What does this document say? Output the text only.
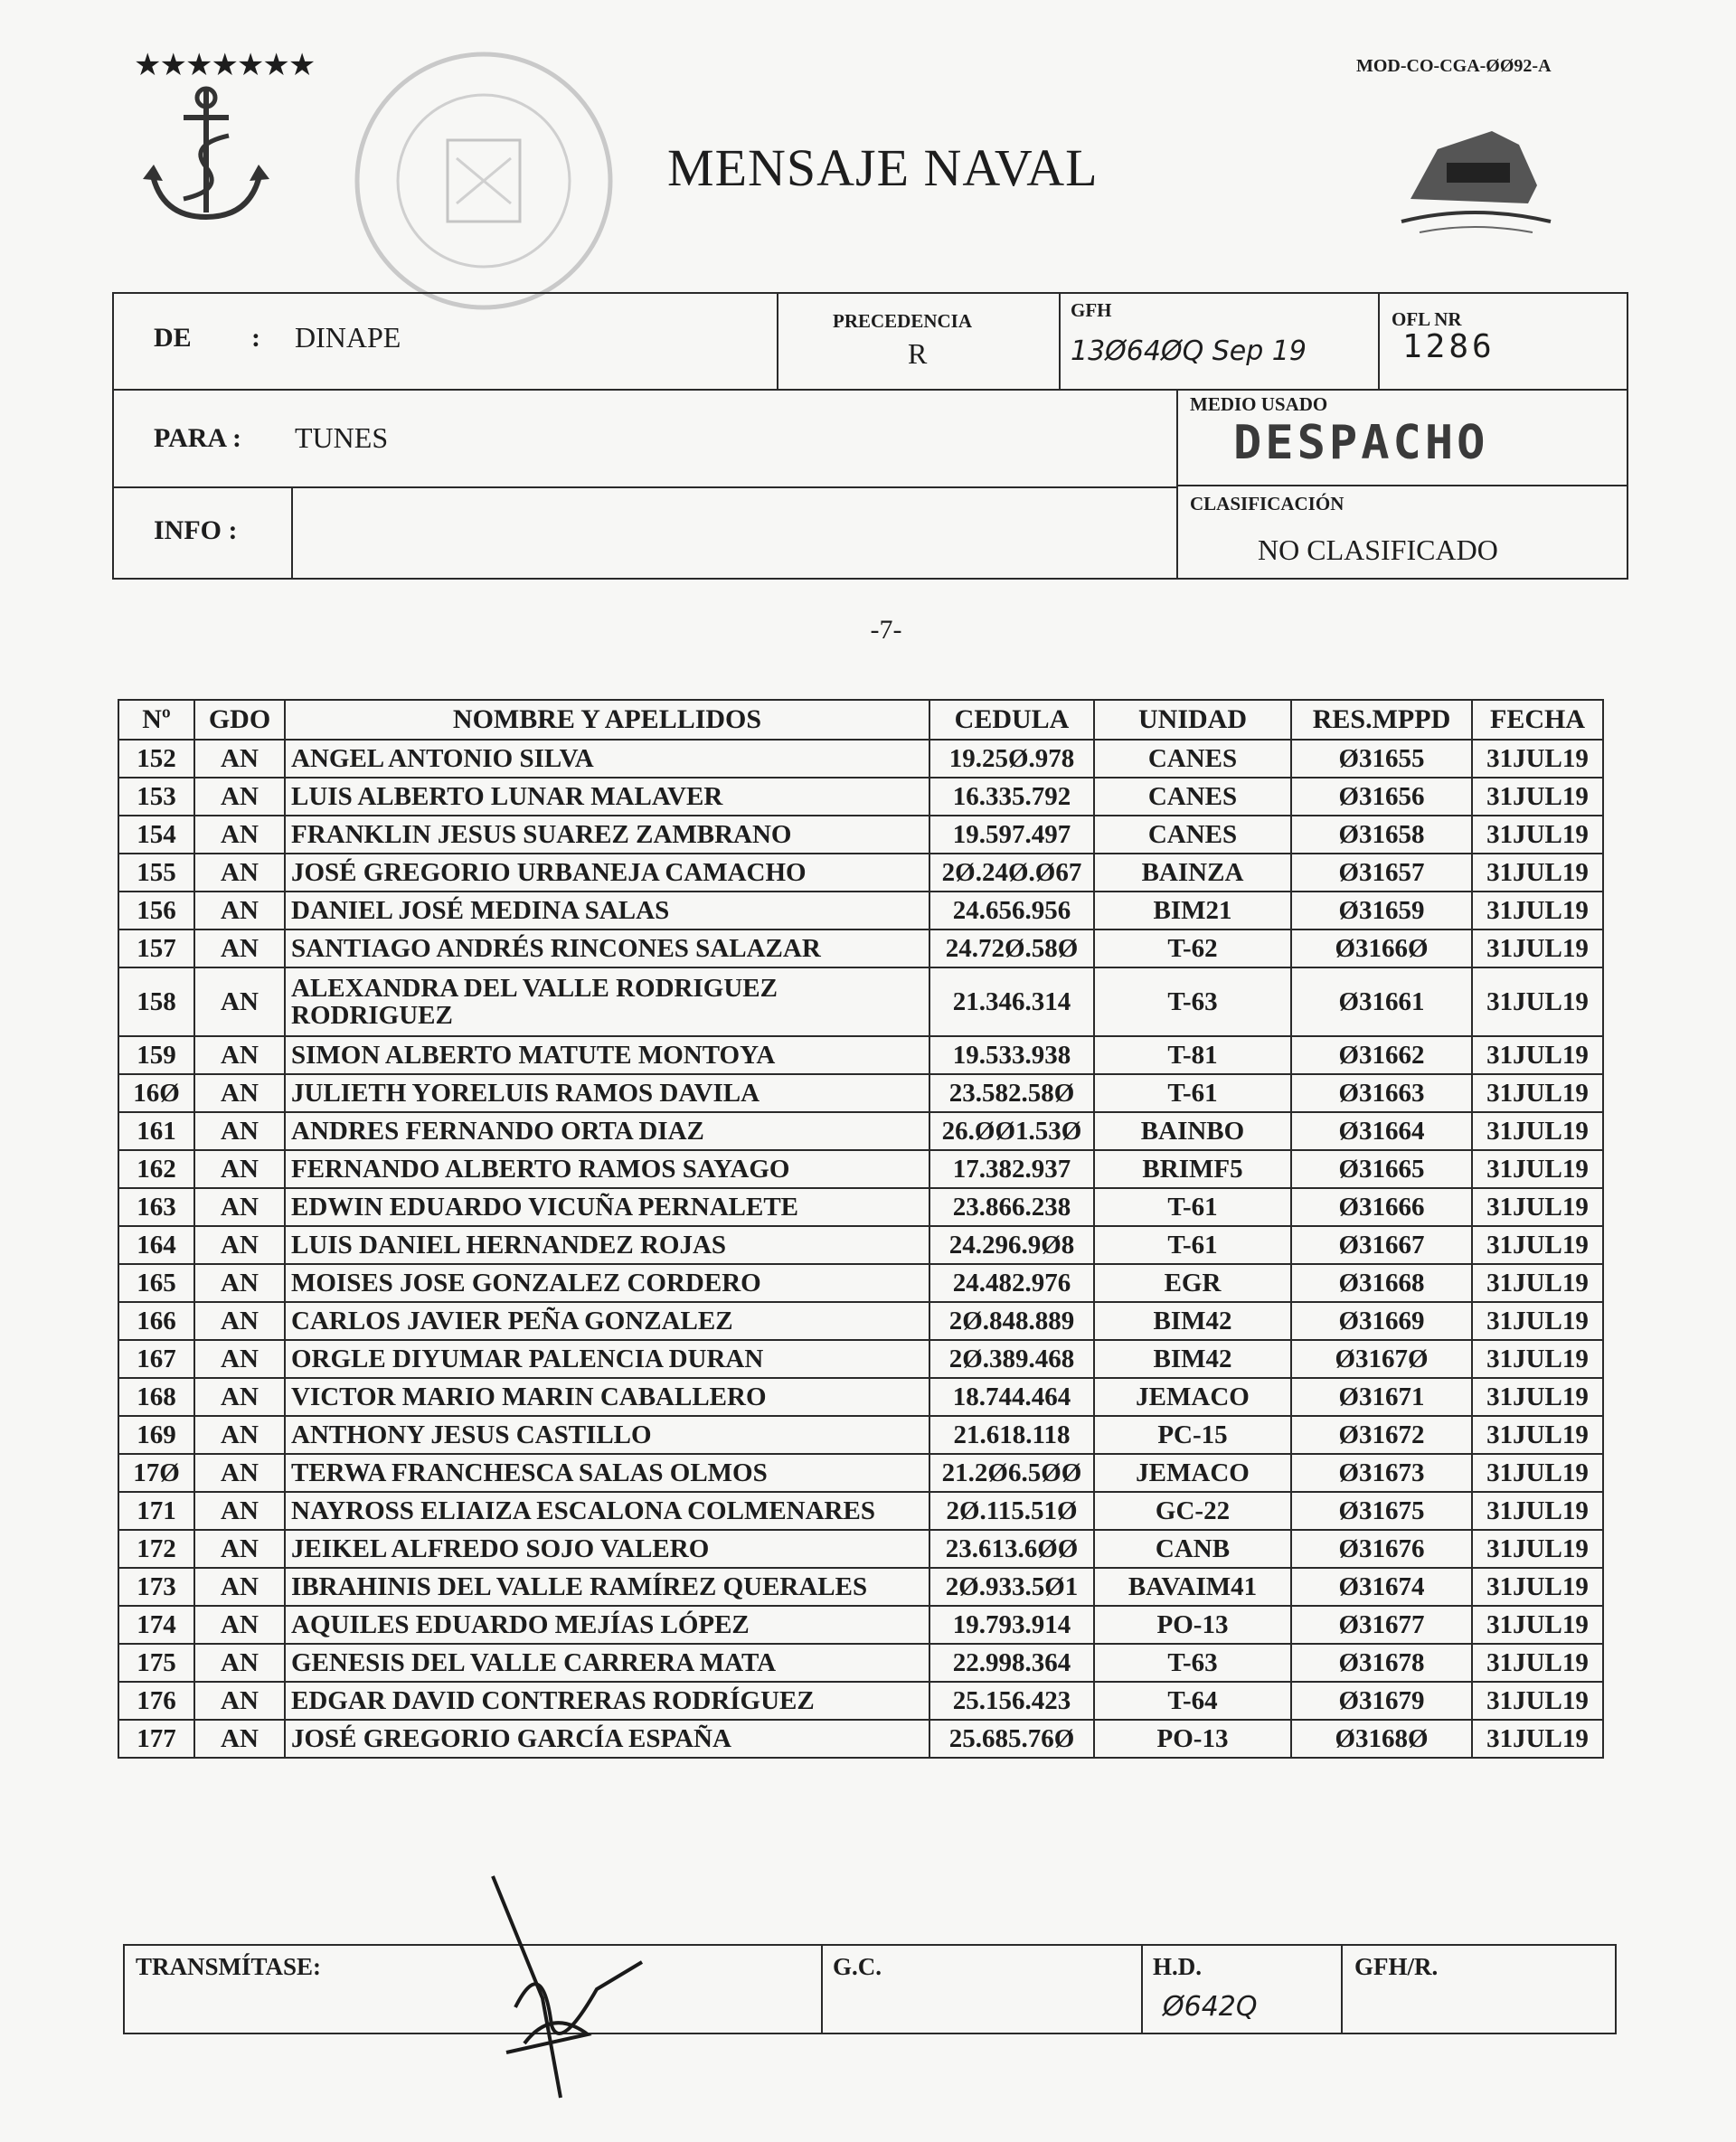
MOD-CO-CGA-ØØ92-A
★★★★★★★
MENSAJE NAVAL
DE : DINAPE	PRECEDENCIA
R
GFH
13Ø64ØQ Sep 19
OFL NR
1286
PARA : TUNES
MEDIO USADO
DESPACHO
INFO :
CLASIFICACIÓN
NO CLASIFICADO
-7-
Nº	GDO	NOMBRE Y APELLIDOS	CEDULA	UNIDAD	RES.MPPD	FECHA
152	AN	ANGEL ANTONIO SILVA	19.25Ø.978	CANES	Ø31655	31JUL19
153	AN	LUIS ALBERTO LUNAR MALAVER	16.335.792	CANES	Ø31656	31JUL19
154	AN	FRANKLIN JESUS SUAREZ ZAMBRANO	19.597.497	CANES	Ø31658	31JUL19
155	AN	JOSÉ GREGORIO URBANEJA CAMACHO	2Ø.24Ø.Ø67	BAINZA	Ø31657	31JUL19
156	AN	DANIEL JOSÉ MEDINA SALAS	24.656.956	BIM21	Ø31659	31JUL19
157	AN	SANTIAGO ANDRÉS RINCONES SALAZAR	24.72Ø.58Ø	T-62	Ø3166Ø	31JUL19
158	AN	ALEXANDRA DEL VALLE RODRIGUEZ RODRIGUEZ	21.346.314	T-63	Ø31661	31JUL19
159	AN	SIMON ALBERTO MATUTE MONTOYA	19.533.938	T-81	Ø31662	31JUL19
16Ø	AN	JULIETH YORELUIS RAMOS DAVILA	23.582.58Ø	T-61	Ø31663	31JUL19
161	AN	ANDRES FERNANDO ORTA DIAZ	26.ØØ1.53Ø	BAINBO	Ø31664	31JUL19
162	AN	FERNANDO ALBERTO RAMOS SAYAGO	17.382.937	BRIMF5	Ø31665	31JUL19
163	AN	EDWIN EDUARDO VICUÑA PERNALETE	23.866.238	T-61	Ø31666	31JUL19
164	AN	LUIS DANIEL HERNANDEZ ROJAS	24.296.9Ø8	T-61	Ø31667	31JUL19
165	AN	MOISES JOSE GONZALEZ CORDERO	24.482.976	EGR	Ø31668	31JUL19
166	AN	CARLOS JAVIER PEÑA GONZALEZ	2Ø.848.889	BIM42	Ø31669	31JUL19
167	AN	ORGLE DIYUMAR PALENCIA DURAN	2Ø.389.468	BIM42	Ø3167Ø	31JUL19
168	AN	VICTOR MARIO MARIN CABALLERO	18.744.464	JEMACO	Ø31671	31JUL19
169	AN	ANTHONY JESUS CASTILLO	21.618.118	PC-15	Ø31672	31JUL19
17Ø	AN	TERWA FRANCHESCA SALAS OLMOS	21.2Ø6.5ØØ	JEMACO	Ø31673	31JUL19
171	AN	NAYROSS ELIAIZA ESCALONA COLMENARES	2Ø.115.51Ø	GC-22	Ø31675	31JUL19
172	AN	JEIKEL ALFREDO SOJO VALERO	23.613.6ØØ	CANB	Ø31676	31JUL19
173	AN	IBRAHINIS DEL VALLE RAMÍREZ QUERALES	2Ø.933.5Ø1	BAVAIM41	Ø31674	31JUL19
174	AN	AQUILES EDUARDO MEJÍAS LÓPEZ	19.793.914	PO-13	Ø31677	31JUL19
175	AN	GENESIS DEL VALLE CARRERA MATA	22.998.364	T-63	Ø31678	31JUL19
176	AN	EDGAR DAVID CONTRERAS RODRÍGUEZ	25.156.423	T-64	Ø31679	31JUL19
177	AN	JOSÉ GREGORIO GARCÍA ESPAÑA	25.685.76Ø	PO-13	Ø3168Ø	31JUL19
TRANSMÍTASE:	G.C.	H.D.
Ø642Q
GFH/R.
